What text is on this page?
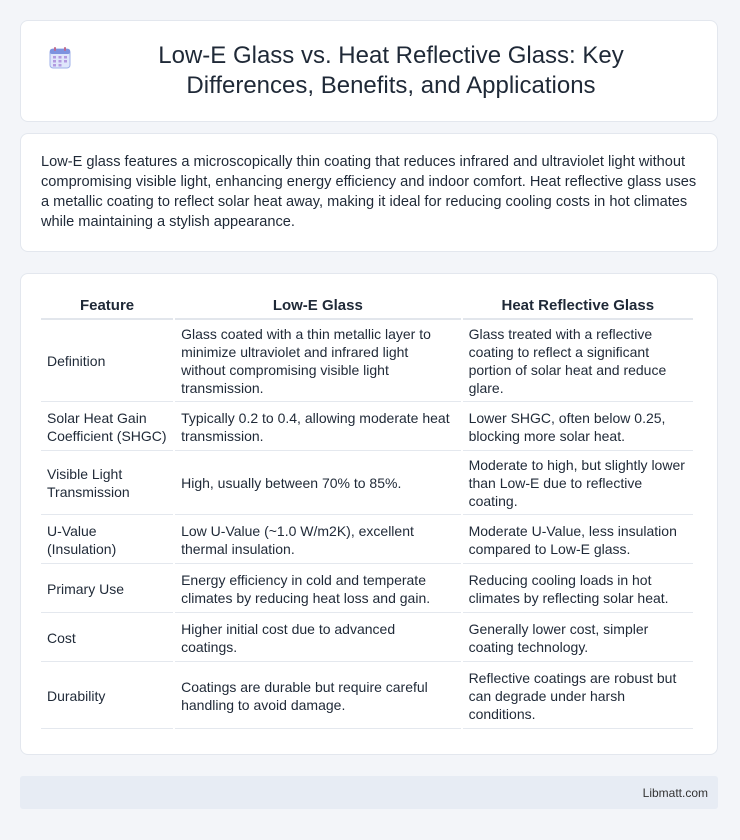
Low-E Glass vs. Heat Reflective Glass: Key Differences, Benefits, and Applications

Low-E glass features a microscopically thin coating that reduces infrared and ultraviolet light without compromising visible light, enhancing energy efficiency and indoor comfort. Heat reflective glass uses a metallic coating to reflect solar heat away, making it ideal for reducing cooling costs in hot climates while maintaining a stylish appearance.

Feature	Low-E Glass	Heat Reflective Glass
Definition	Glass coated with a thin metallic layer to minimize ultraviolet and infrared light without compromising visible light transmission.	Glass treated with a reflective coating to reflect a significant portion of solar heat and reduce glare.
Solar Heat Gain Coefficient (SHGC)	Typically 0.2 to 0.4, allowing moderate heat transmission.	Lower SHGC, often below 0.25, blocking more solar heat.
Visible Light Transmission	High, usually between 70% to 85%.	Moderate to high, but slightly lower than Low-E due to reflective coating.
U-Value (Insulation)	Low U-Value (~1.0 W/m2K), excellent thermal insulation.	Moderate U-Value, less insulation compared to Low-E glass.
Primary Use	Energy efficiency in cold and temperate climates by reducing heat loss and gain.	Reducing cooling loads in hot climates by reflecting solar heat.
Cost	Higher initial cost due to advanced coatings.	Generally lower cost, simpler coating technology.
Durability	Coatings are durable but require careful handling to avoid damage.	Reflective coatings are robust but can degrade under harsh conditions.
Libmatt.com
